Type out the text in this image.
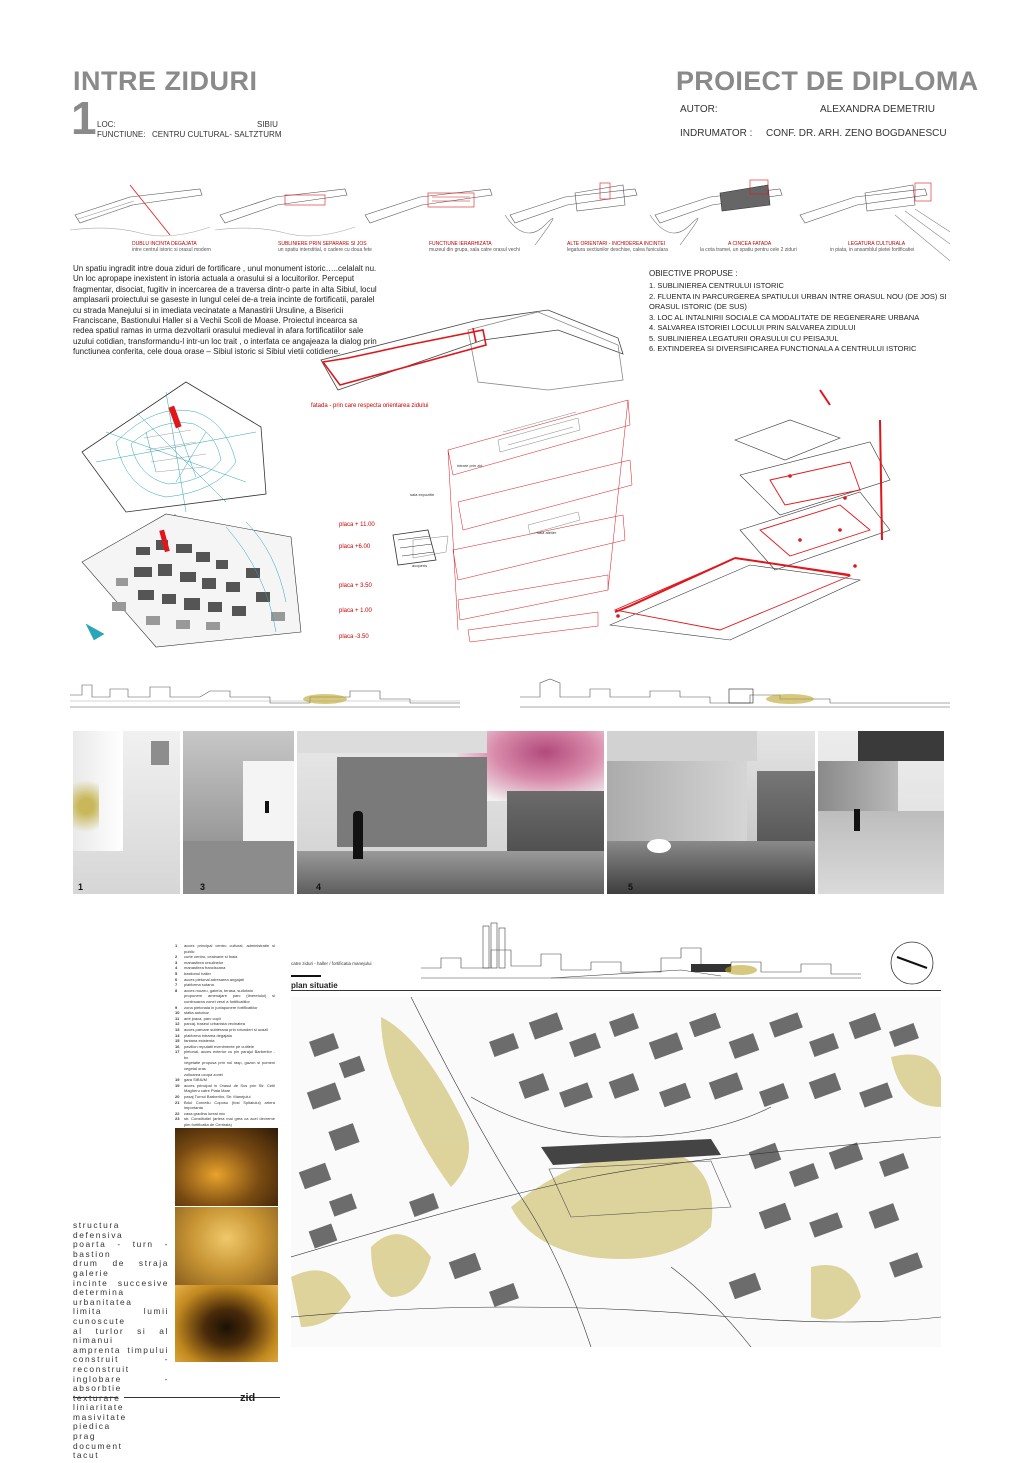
INTRE ZIDURI
1 LOC:	SIBIU
FUNCTIUNE: CENTRU CULTURAL- SALTZTURM
PROIECT DE DIPLOMA
AUTOR:	ALEXANDRA DEMETRIU
INDRUMATOR : CONF. DR. ARH. ZENO BOGDANESCU
DUBLU INCINTA DEGAJATA
intre centrul istoric si orasul modern
SUBLINIERE PRIN SEPARARE SI JOS
un spatiu interstitial, o cadere cu doua fete
FUNCTIUNE IERARHIZATA
muzeul din grupa, sala catre orasul vechi
ALTE ORIENTARI - INCHIDEREA INCINTEI
legatura sectiunilor deschise, calea funiculara
A CINCEA FATADA
la cota tramei, un spatiu pentru cele 2 ziduri
LEGATURA CULTURALA
in piata, in ansamblul pietei fortificatiei
Un spatiu ingradit intre doua ziduri de fortificare , unul monument istoric…..celalalt nu. Un loc apropape inexistent in istoria actuala a orasului si a locuitorilor. Perceput fragmentar, disociat, fugitiv in incercarea de a traversa dintr-o parte in alta Sibiul, locul amplasarii proiectului se gaseste in lungul celei de-a treia incinte de fortificatii, paralel cu strada Manejului si in imediata vecinatate a Manastirii Ursuline, a Bisericii Franciscane, Bastionului Haller si a Vechii Scoli de Moase. Proiectul incearca sa redea spatiul ramas in urma dezvoltarii orasului medieval in afara fortificatiilor sale uzului cotidian, transformandu-l intr-un loc trait , o interfata ce angajeaza la dialog prin functiunea conferita, cele doua orase – Sibiul istoric si Sibiul vietii cotidiene.
OBIECTIVE PROPUSE :
1. SUBLINIEREA CENTRULUI ISTORIC
2. FLUENTA IN PARCURGEREA SPATIULUI URBAN INTRE ORASUL NOU (DE JOS) SI ORASUL ISTORIC (DE SUS)
3. LOC AL INTALNIRII SOCIALE CA MODALITATE DE REGENERARE URBANA
4. SALVAREA ISTORIEI LOCULUI PRIN SALVAREA ZIDULUI
5. SUBLINIEREA LEGATURII ORASULUI CU PEISAJUL
6. EXTINDEREA SI DIVERSIFICAREA FUNCTIONALA A CENTRULUI ISTORIC
fatada - prin care respecta orientarea zidului
placa + 11.00
placa +6.00
placa + 3.50
placa + 1.00
placa -3.50
intrare prin zid
sala expozitie
sala atelier
acoperis
1	3	4	5
1	acces principal centru cultural, administratie si public
2	curte centru, ceainarie si foaia
3	manastirea ursulinelor
4	manastirea franciscana
5	bastionul haller
6	acces pietonal adresarea angajati
7	platforma sutana
8	acces muzeu, galeria, terasa, sudotwin
propunere amenajare parc (tineretului) si continuarea zonei verzi a fortificatiilor
9	zona pietonala in juxtapunere fortificatiilor
10	statia autobuz
11	arie joaca, parc copii
12	parcaj, traseul urbanista vecinatea
13	acces parcare subterana prin rotunderi si ocazii
14	platforma intrarea degajata
15	fantana existenta
16	pavilion reputatii evenimente pe cutitele
17	pietonal, acces exterior cu pin parajul Barberilor - bc
vegetatie propusa prin noi rasp, gazon si pomeni vegetal oras
zolluarea ocupa zonei
19	gara SIBIUM
19	acces principal in Orasul de Sus prin Str. Cetii Magheru catre Piata Mare
20	pasaj Turnul Barberilor, Str. Manejului
21	Bdul Corneliu Coposu (fost Spitalului) artera importanta
22	casa gradina lureal mic
23	str. Constitutiei (artera mai grea ca acel devreme pim fortificatia de Centrala)
structura defensiva
poarta - turn - bastion
drum de straja
galerie
incinte succesive
determina urbanitatea
limita lumii cunoscute
al turlor si al nimanui
amprenta timpului
construit - reconstruit
inglobare - absorbtie
texturare
liniaritate
masivitate
piedica
prag
document
tacut
zid
catre ziduri - haller / fortificatia manejului
plan situatie
